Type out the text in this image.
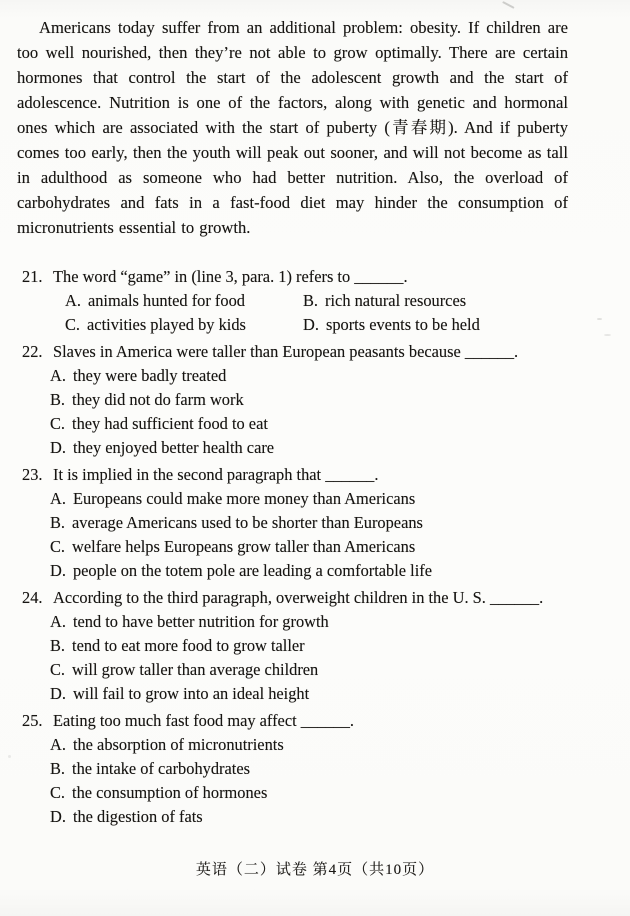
Americans today suffer from an additional problem: obesity. If children are too well nourished, then they’re not able to grow optimally. There are certain hormones that control the start of the adolescent growth and the start of adolescence. Nutrition is one of the factors, along with genetic and hormonal ones which are associated with the start of puberty (青春期). And if puberty comes too early, then the youth will peak out sooner, and will not become as tall in adulthood as someone who had better nutrition. Also, the overload of carbohydrates and fats in a fast-food diet may hinder the consumption of micronutrients essential to growth.

21. The word “game” in (line 3, para. 1) refers to ______.
A. animals hunted for food	B. rich natural resources
C. activities played by kids	D. sports events to be held
22. Slaves in America were taller than European peasants because ______.
A. they were badly treated
B. they did not do farm work
C. they had sufficient food to eat
D. they enjoyed better health care
23. It is implied in the second paragraph that ______.
A. Europeans could make more money than Americans
B. average Americans used to be shorter than Europeans
C. welfare helps Europeans grow taller than Americans
D. people on the totem pole are leading a comfortable life
24. According to the third paragraph, overweight children in the U. S. ______.
A. tend to have better nutrition for growth
B. tend to eat more food to grow taller
C. will grow taller than average children
D. will fail to grow into an ideal height
25. Eating too much fast food may affect ______.
A. the absorption of micronutrients
B. the intake of carbohydrates
C. the consumption of hormones
D. the digestion of fats
英语（二）试卷 第4页（共10页）
